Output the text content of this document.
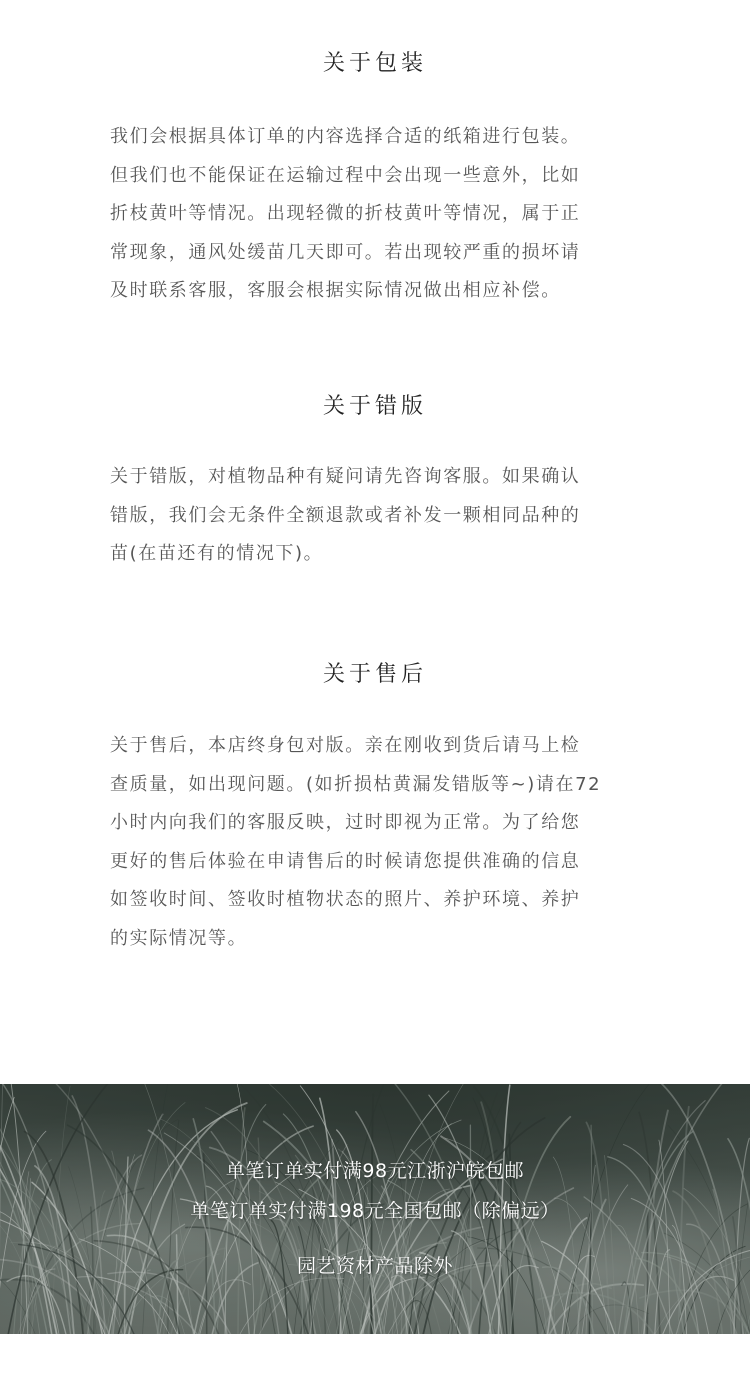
关于包装
我们会根据具体订单的内容选择合适的纸箱进行包装。
但我们也不能保证在运输过程中会出现一些意外，比如
折枝黄叶等情况。出现轻微的折枝黄叶等情况，属于正
常现象，通风处缓苗几天即可。若出现较严重的损坏请
及时联系客服，客服会根据实际情况做出相应补偿。
关于错版
关于错版，对植物品种有疑问请先咨询客服。如果确认
错版，我们会无条件全额退款或者补发一颗相同品种的
苗(在苗还有的情况下)。
关于售后
关于售后，本店终身包对版。亲在刚收到货后请马上检
查质量，如出现问题。(如折损枯黄漏发错版等~)请在72
小时内向我们的客服反映，过时即视为正常。为了给您
更好的售后体验在申请售后的时候请您提供准确的信息
如签收时间、签收时植物状态的照片、养护环境、养护
的实际情况等。
单笔订单实付满98元江浙沪皖包邮
单笔订单实付满198元全国包邮（除偏远）
园艺资材产品除外
